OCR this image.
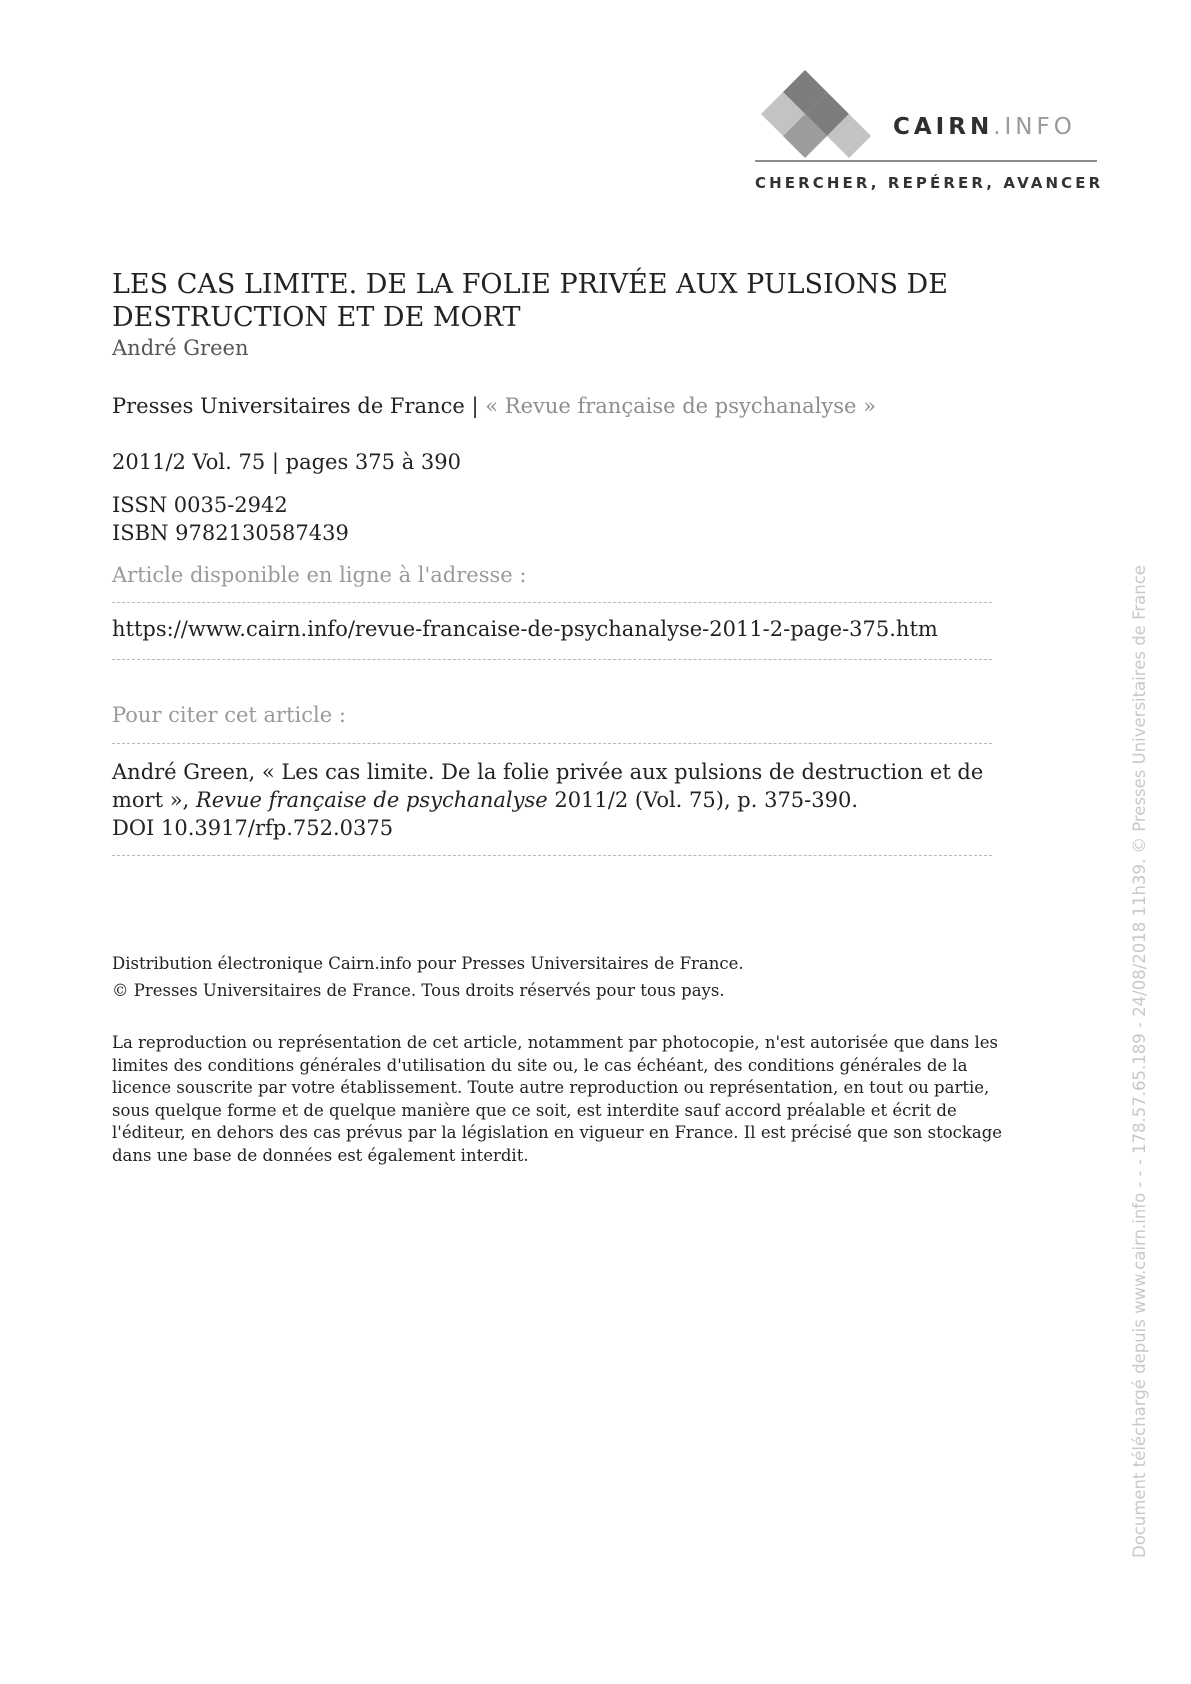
CAIRN.INFO
CHERCHER, REPÉRER, AVANCER
LES CAS LIMITE. DE LA FOLIE PRIVÉE AUX PULSIONS DE
DESTRUCTION ET DE MORT
André Green
Presses Universitaires de France | « Revue française de psychanalyse »
2011/2 Vol. 75 | pages 375 à 390
ISSN 0035-2942
ISBN 9782130587439
Article disponible en ligne à l'adresse :
https://www.cairn.info/revue-francaise-de-psychanalyse-2011-2-page-375.htm
Pour citer cet article :
André Green, « Les cas limite. De la folie privée aux pulsions de destruction et de
mort », Revue française de psychanalyse 2011/2 (Vol. 75), p. 375-390.
DOI 10.3917/rfp.752.0375
Distribution électronique Cairn.info pour Presses Universitaires de France.
© Presses Universitaires de France. Tous droits réservés pour tous pays.
La reproduction ou représentation de cet article, notamment par photocopie, n'est autorisée que dans les
limites des conditions générales d'utilisation du site ou, le cas échéant, des conditions générales de la
licence souscrite par votre établissement. Toute autre reproduction ou représentation, en tout ou partie,
sous quelque forme et de quelque manière que ce soit, est interdite sauf accord préalable et écrit de
l'éditeur, en dehors des cas prévus par la législation en vigueur en France. Il est précisé que son stockage
dans une base de données est également interdit.	Document téléchargé depuis www.cairn.info - - - 178.57.65.189 - 24/08/2018 11h39. © Presses Universitaires de France
